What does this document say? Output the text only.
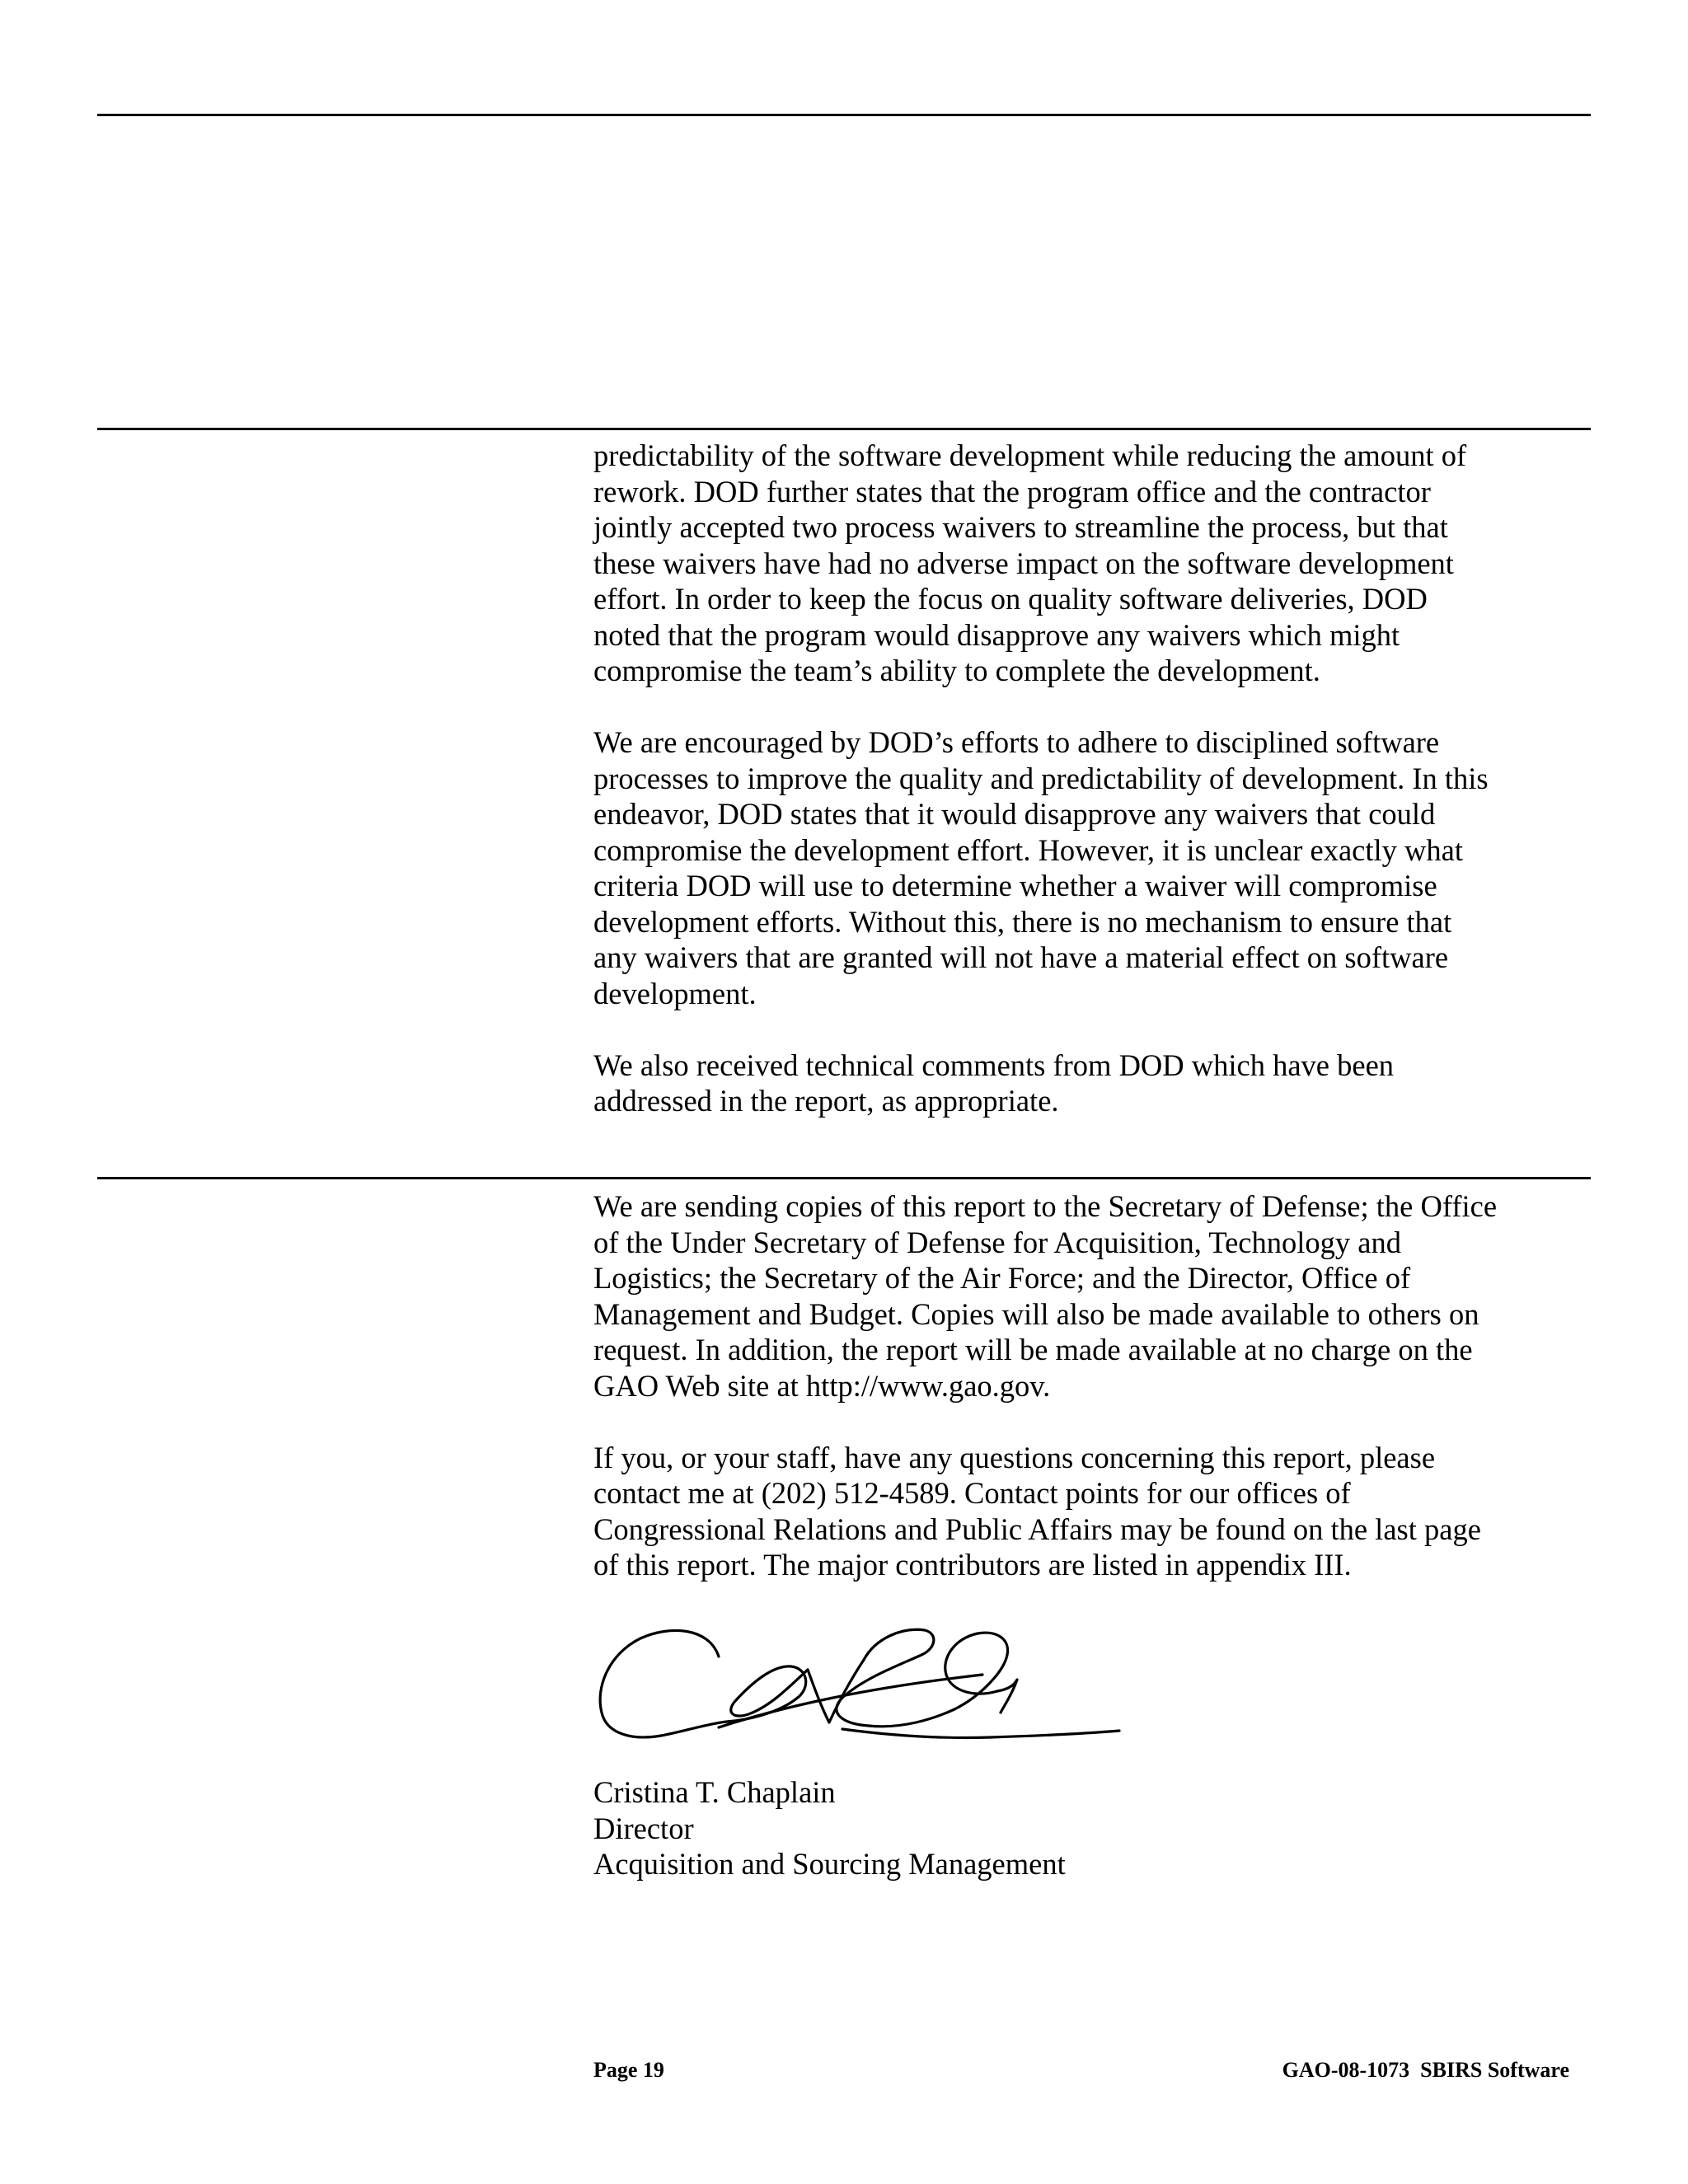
predictability of the software development while reducing the amount of
rework. DOD further states that the program office and the contractor
jointly accepted two process waivers to streamline the process, but that
these waivers have had no adverse impact on the software development
effort. In order to keep the focus on quality software deliveries, DOD
noted that the program would disapprove any waivers which might
compromise the team’s ability to complete the development.

We are encouraged by DOD’s efforts to adhere to disciplined software
processes to improve the quality and predictability of development. In this
endeavor, DOD states that it would disapprove any waivers that could
compromise the development effort. However, it is unclear exactly what
criteria DOD will use to determine whether a waiver will compromise
development efforts. Without this, there is no mechanism to ensure that
any waivers that are granted will not have a material effect on software
development.

We also received technical comments from DOD which have been
addressed in the report, as appropriate.

We are sending copies of this report to the Secretary of Defense; the Office
of the Under Secretary of Defense for Acquisition, Technology and
Logistics; the Secretary of the Air Force; and the Director, Office of
Management and Budget. Copies will also be made available to others on
request. In addition, the report will be made available at no charge on the
GAO Web site at http://www.gao.gov.

If you, or your staff, have any questions concerning this report, please
contact me at (202) 512-4589. Contact points for our offices of
Congressional Relations and Public Affairs may be found on the last page
of this report. The major contributors are listed in appendix III.

Cristina T. Chaplain
Director
Acquisition and Sourcing Management
Page 19	GAO-08-1073  SBIRS Software
